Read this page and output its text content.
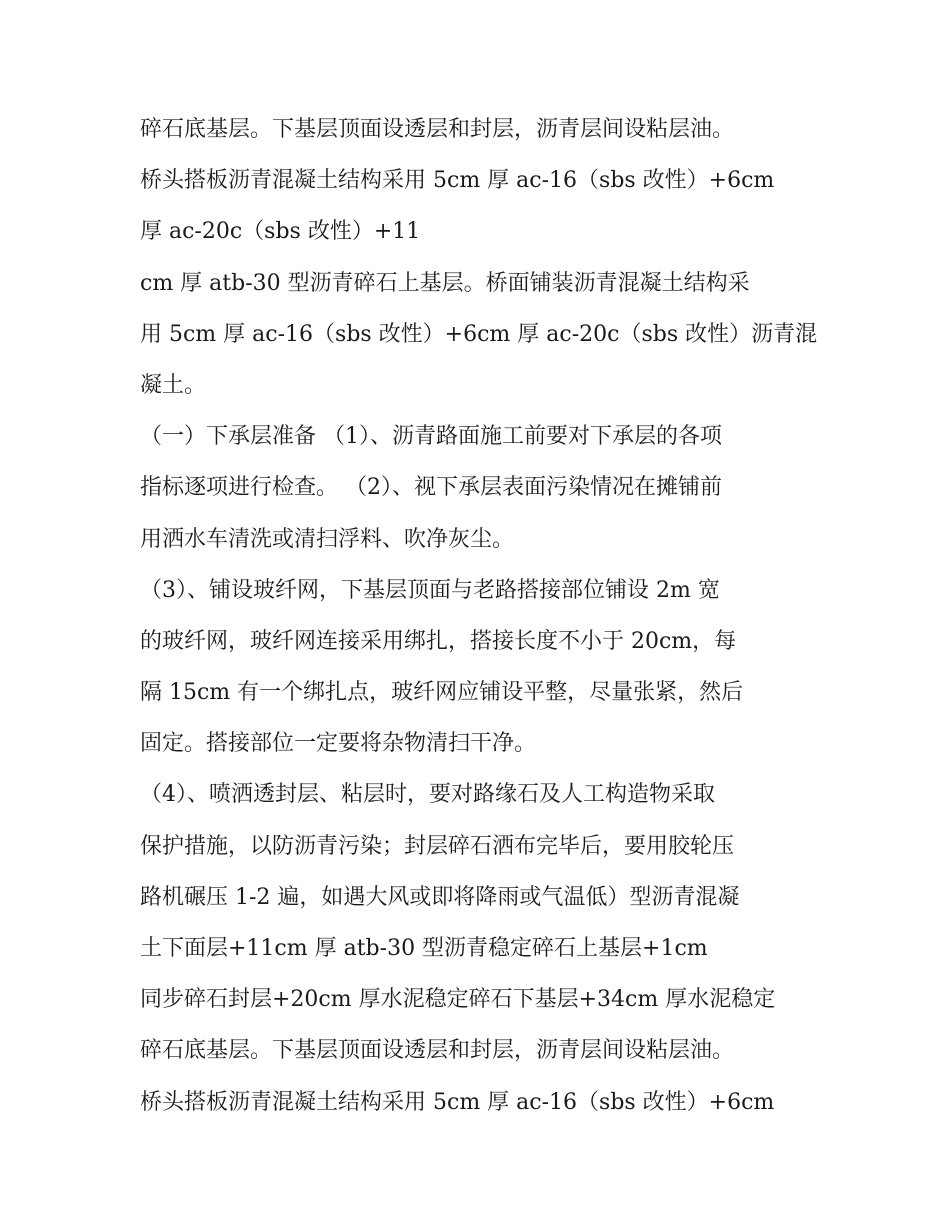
碎石底基层。下基层顶面设透层和封层，沥青层间设粘层油。
桥头搭板沥青混凝土结构采用 5cm 厚 ac-16（sbs 改性）+6cm
厚 ac-20c（sbs 改性）+11
cm 厚 atb-30 型沥青碎石上基层。桥面铺装沥青混凝土结构采
用 5cm 厚 ac-16（sbs 改性）+6cm 厚 ac-20c（sbs 改性）沥青混
凝土。
（一）下承层准备 （1）、沥青路面施工前要对下承层的各项
指标逐项进行检查。 （2）、视下承层表面污染情况在摊铺前
用洒水车清洗或清扫浮料、吹净灰尘。
（3）、铺设玻纤网，下基层顶面与老路搭接部位铺设 2m 宽
的玻纤网，玻纤网连接采用绑扎，搭接长度不小于 20cm，每
隔 15cm 有一个绑扎点，玻纤网应铺设平整，尽量张紧，然后
固定。搭接部位一定要将杂物清扫干净。
（4）、喷洒透封层、粘层时，要对路缘石及人工构造物采取
保护措施，以防沥青污染；封层碎石洒布完毕后，要用胶轮压
路机碾压 1-2 遍，如遇大风或即将降雨或气温低）型沥青混凝
土下面层+11cm 厚 atb-30 型沥青稳定碎石上基层+1cm
同步碎石封层+20cm 厚水泥稳定碎石下基层+34cm 厚水泥稳定
碎石底基层。下基层顶面设透层和封层，沥青层间设粘层油。
桥头搭板沥青混凝土结构采用 5cm 厚 ac-16（sbs 改性）+6cm
